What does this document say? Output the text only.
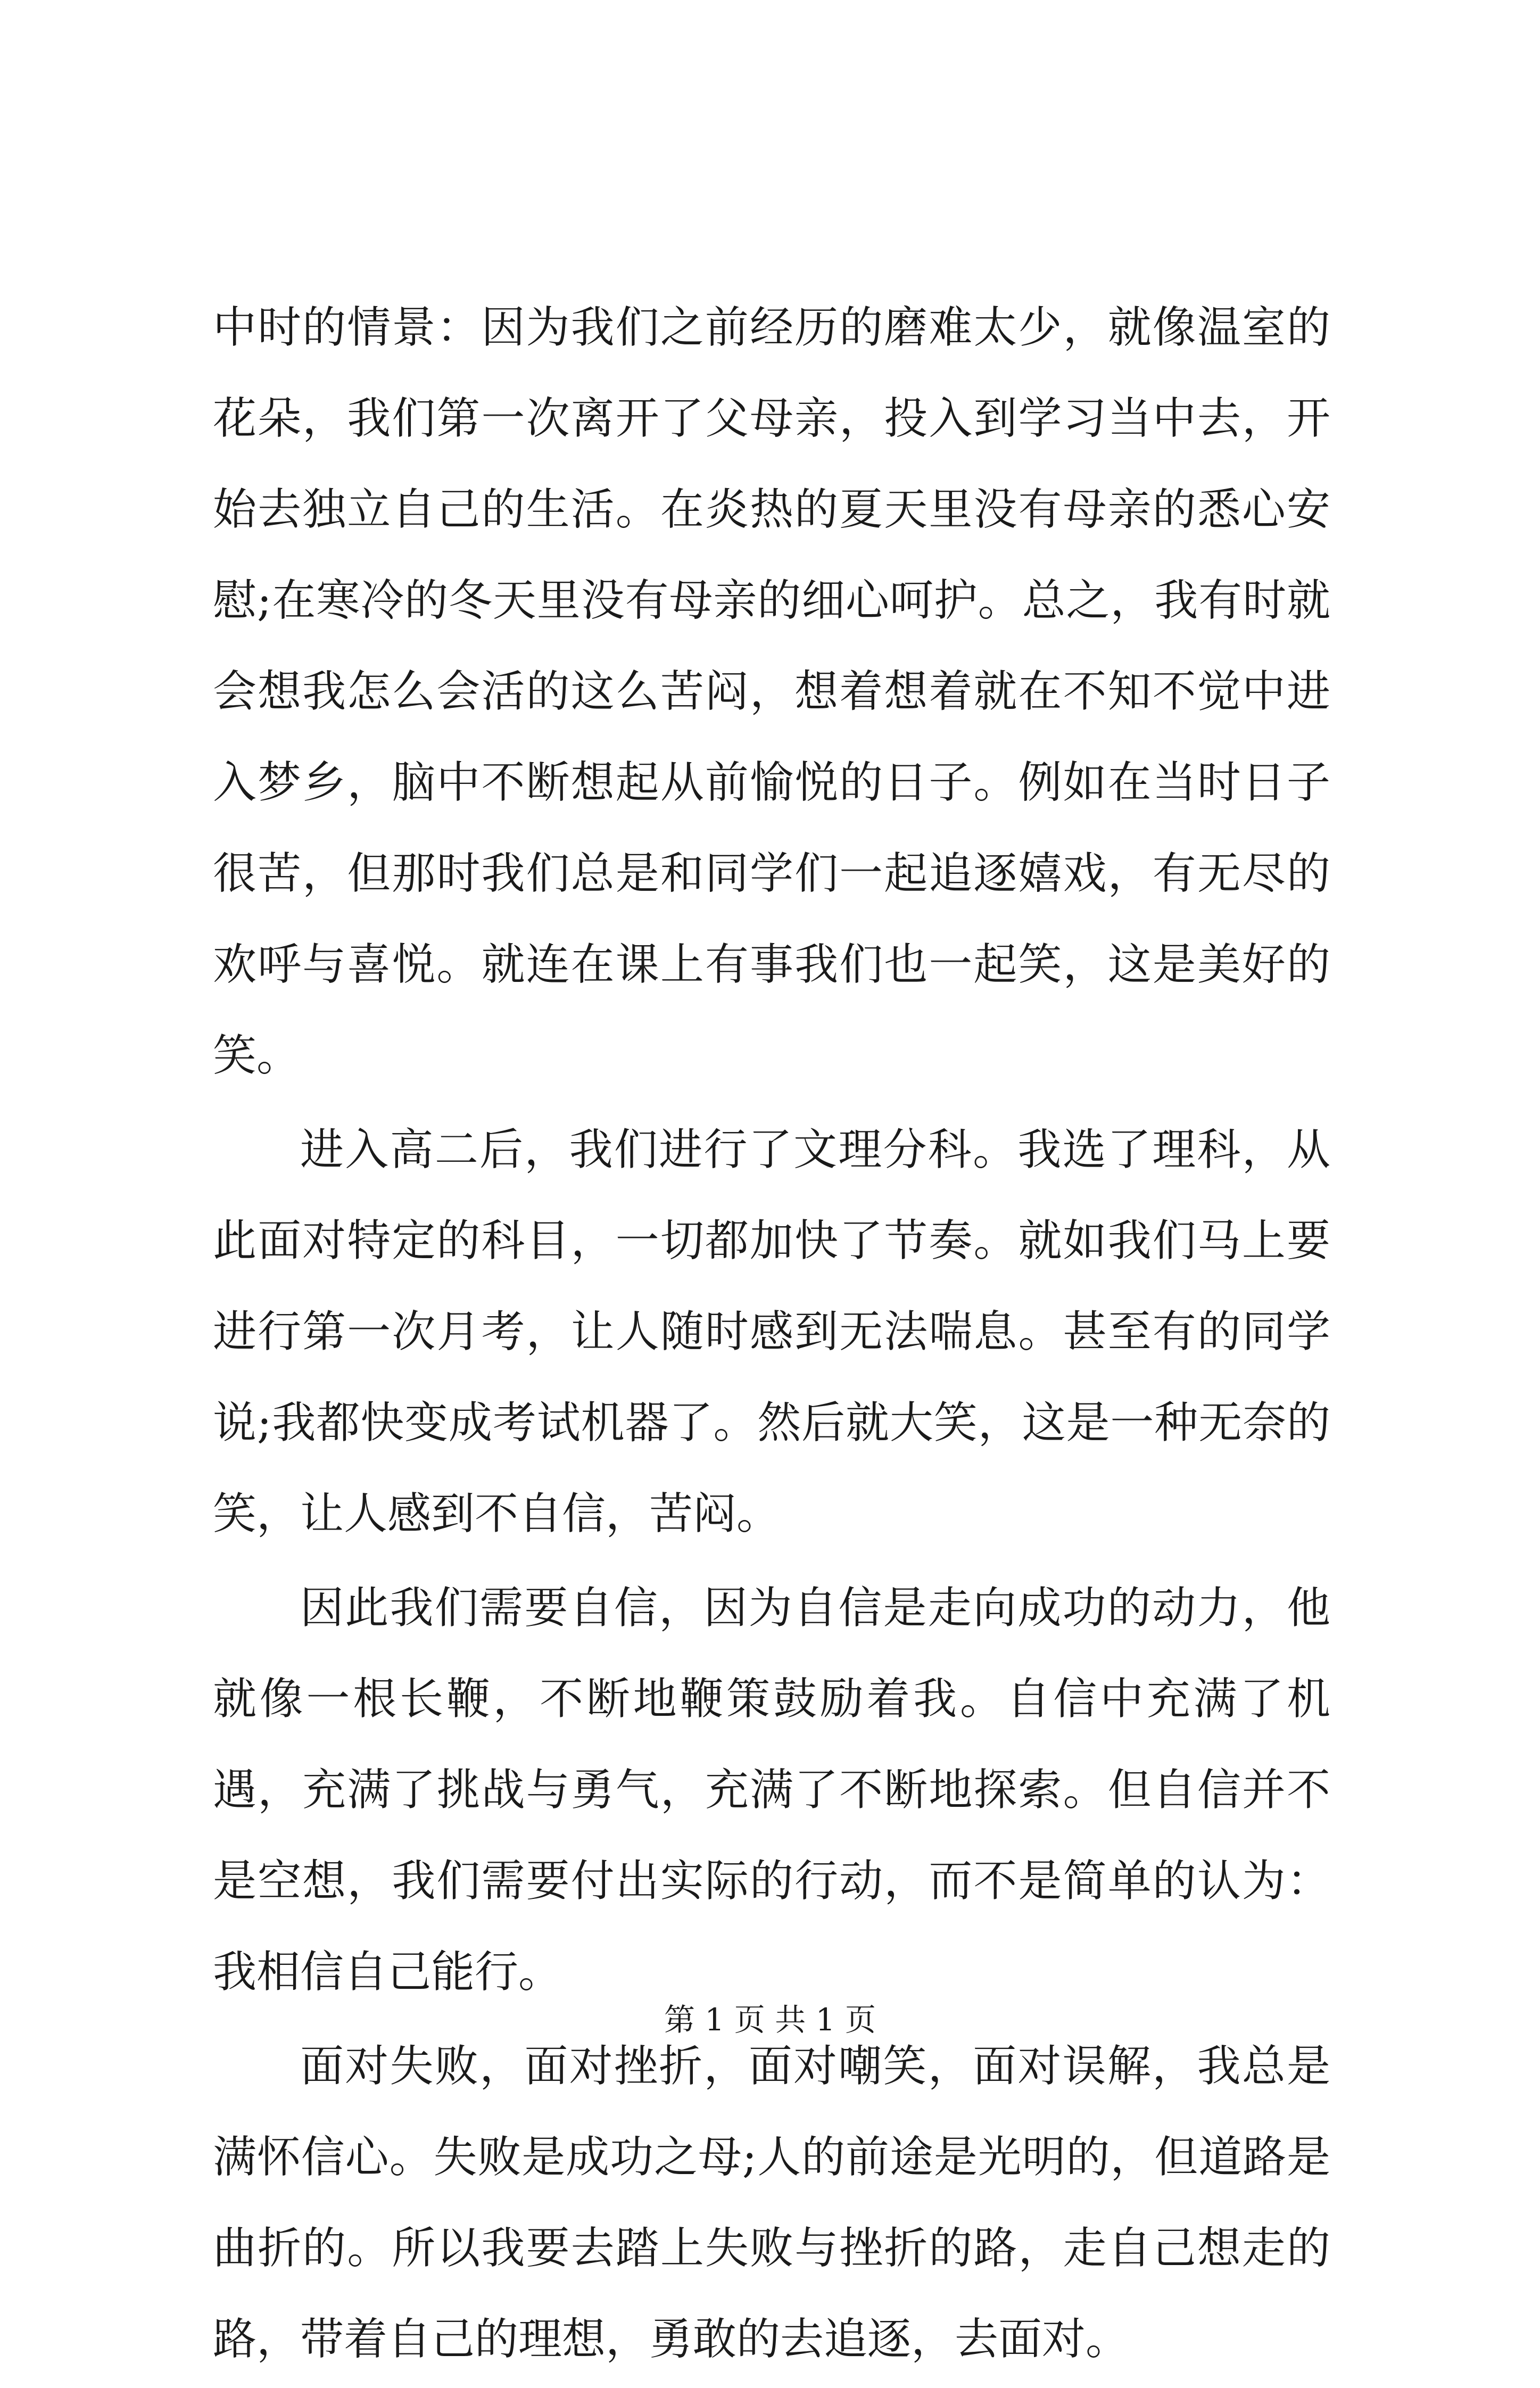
中时的情景：因为我们之前经历的磨难太少，就像温室的花朵，我们第一次离开了父母亲，投入到学习当中去，开始去独立自己的生活。在炎热的夏天里没有母亲的悉心安慰;在寒冷的冬天里没有母亲的细心呵护。总之，我有时就会想我怎么会活的这么苦闷，想着想着就在不知不觉中进入梦乡，脑中不断想起从前愉悦的日子。例如在当时日子很苦，但那时我们总是和同学们一起追逐嬉戏，有无尽的欢呼与喜悦。就连在课上有事我们也一起笑，这是美好的笑。

进入高二后，我们进行了文理分科。我选了理科，从此面对特定的科目，一切都加快了节奏。就如我们马上要进行第一次月考，让人随时感到无法喘息。甚至有的同学说;我都快变成考试机器了。然后就大笑，这是一种无奈的笑，让人感到不自信，苦闷。

因此我们需要自信，因为自信是走向成功的动力，他就像一根长鞭，不断地鞭策鼓励着我。自信中充满了机遇，充满了挑战与勇气，充满了不断地探索。但自信并不是空想，我们需要付出实际的行动，而不是简单的认为：我相信自己能行。

面对失败，面对挫折，面对嘲笑，面对误解，我总是满怀信心。失败是成功之母;人的前途是光明的，但道路是曲折的。所以我要去踏上失败与挫折的路，走自己想走的路，带着自己的理想，勇敢的去追逐，去面对。

第 1 页 共 1 页
